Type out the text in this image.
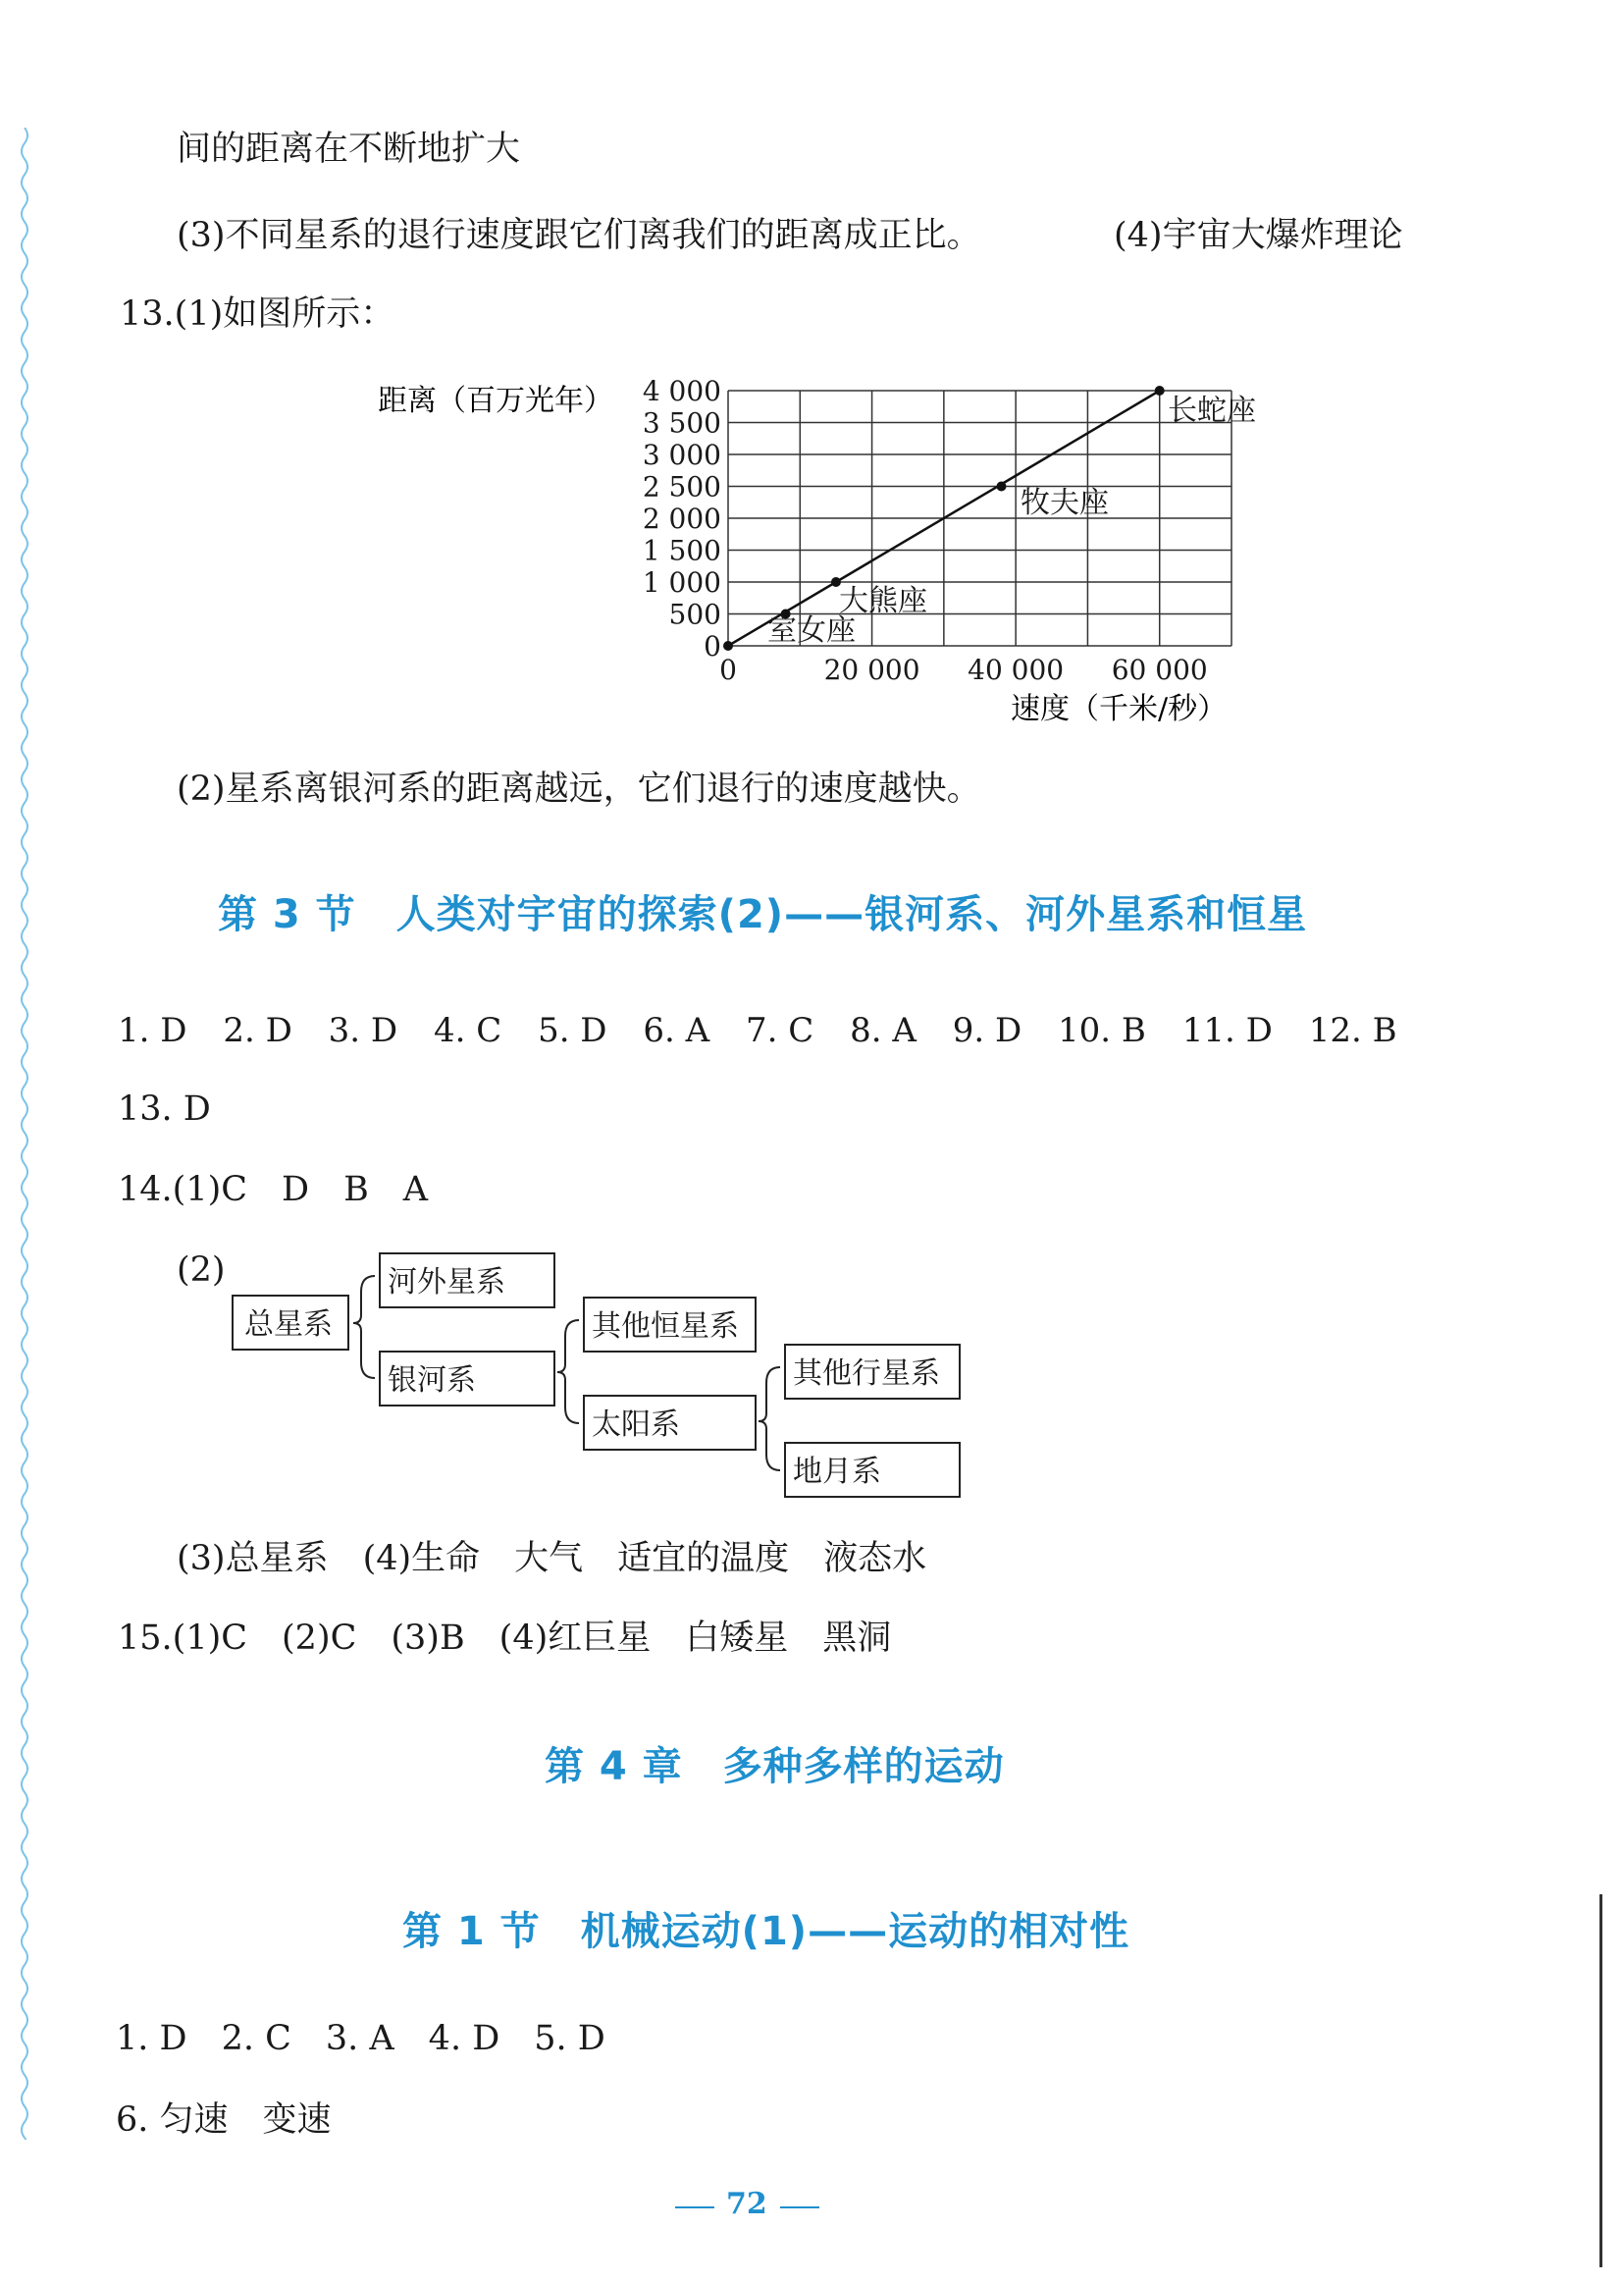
间的距离在不断地扩大
(3)不同星系的退行速度跟它们离我们的距离成正比。	(4)宇宙大爆炸理论
13.(1)如图所示：
室女座
大熊座
牧夫座
长蛇座
4 000
3 500
3 000
2 500
2 000
1 500
1 000
500
0
0	20 000 40 000 60 000
距离（百万光年）
速度（千米/秒）
(2)星系离银河系的距离越远，它们退行的速度越快。
第 3 节　人类对宇宙的探索(2)——银河系、河外星系和恒星
1. D 2. D 3. D 4. C 5. D 6. A 7. C 8. A 9. D 10. B 11. D 12. B
13. D
14.(1)C　D　B　A
(2)
总星系
河外星系
银河系
其他恒星系
太阳系
其他行星系
地月系
(3)总星系　(4)生命　大气　适宜的温度　液态水
15.(1)C　(2)C　(3)B　(4)红巨星　白矮星　黑洞
第 4 章　多种多样的运动
第 1 节　机械运动(1)——运动的相对性
1. D　2. C　3. A　4. D　5. D
6. 匀速　变速
72
